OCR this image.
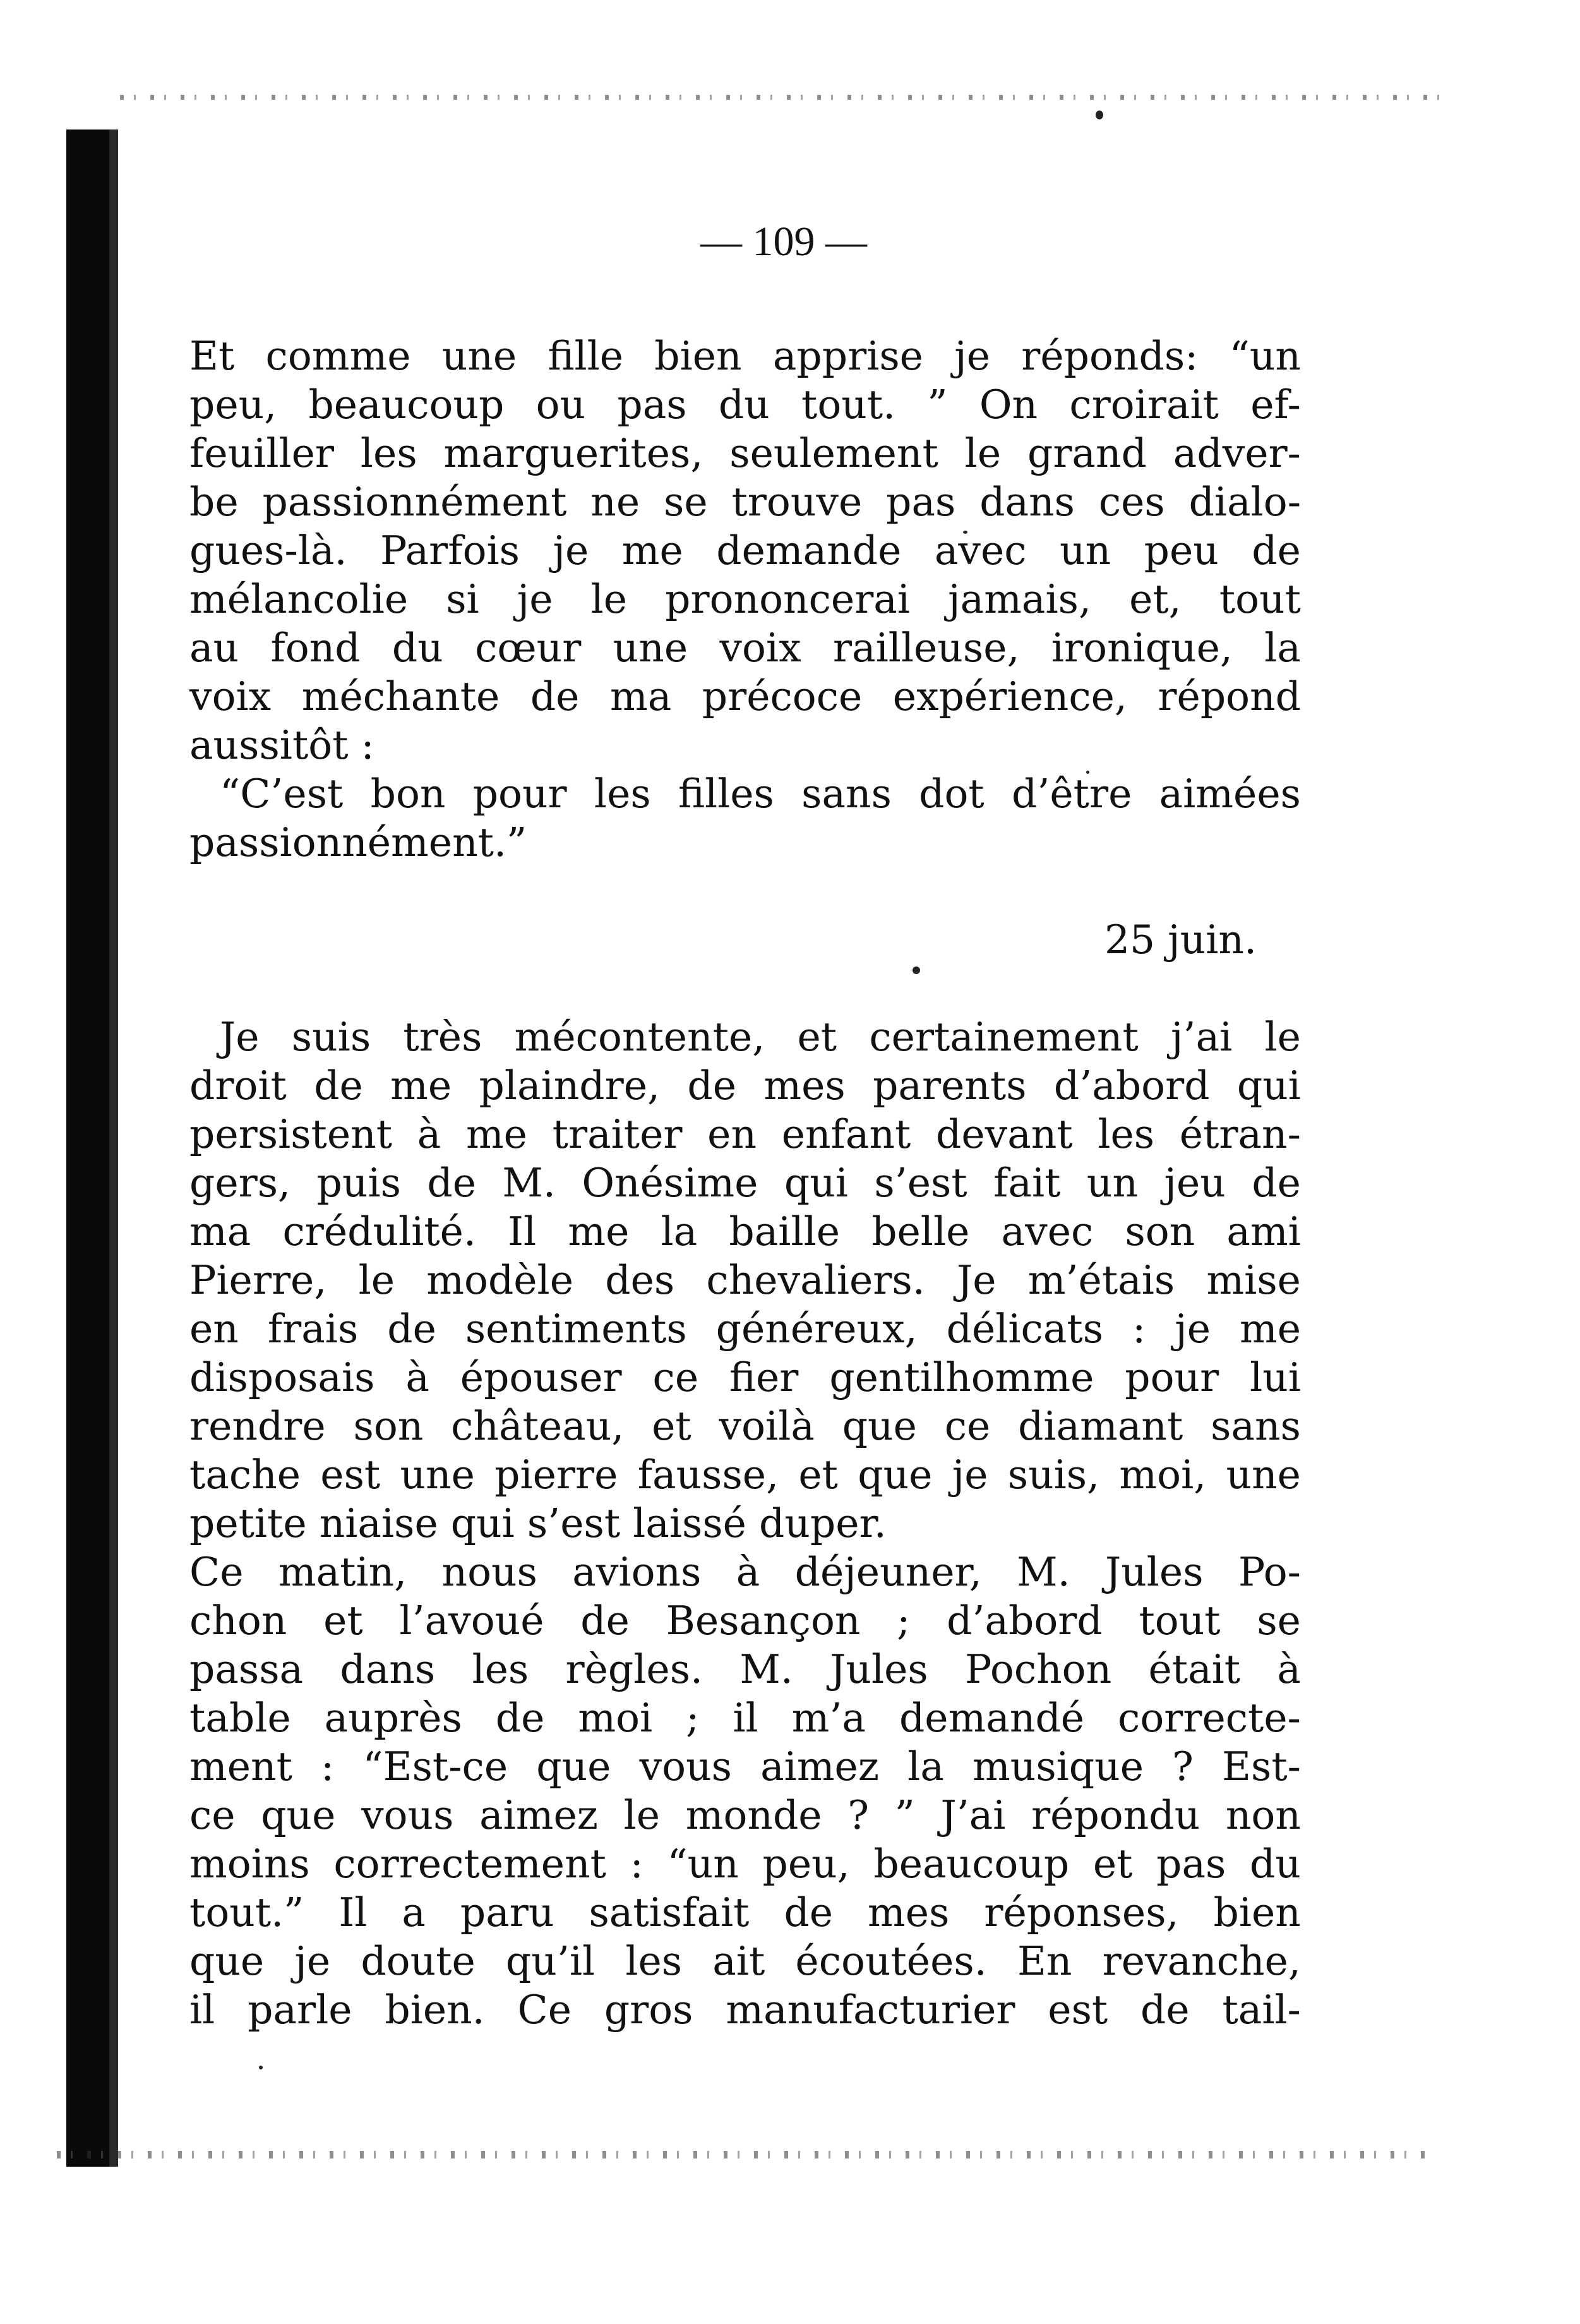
— 109 —
Et comme une fille bien apprise je réponds: “un
peu, beaucoup ou pas du tout. ” On croirait ef-
feuiller les marguerites, seulement le grand adver-
be passionnément ne se trouve pas dans ces dialo-
gues-là. Parfois je me demande avec un peu de
mélancolie si je le prononcerai jamais, et, tout
au fond du cœur une voix railleuse, ironique, la
voix méchante de ma précoce expérience, répond
aussitôt :
“C’est bon pour les filles sans dot d’être aimées
passionnément.”
25 juin.
Je suis très mécontente, et certainement j’ai le
droit de me plaindre, de mes parents d’abord qui
persistent à me traiter en enfant devant les étran-
gers, puis de M. Onésime qui s’est fait un jeu de
ma crédulité. Il me la baille belle avec son ami
Pierre, le modèle des chevaliers. Je m’étais mise
en frais de sentiments généreux, délicats : je me
disposais à épouser ce fier gentilhomme pour lui
rendre son château, et voilà que ce diamant sans
tache est une pierre fausse, et que je suis, moi, une
petite niaise qui s’est laissé duper.
Ce matin, nous avions à déjeuner, M. Jules Po-
chon et l’avoué de Besançon ; d’abord tout se
passa dans les règles. M. Jules Pochon était à
table auprès de moi ; il m’a demandé correcte-
ment : “Est-ce que vous aimez la musique ? Est-
ce que vous aimez le monde ? ” J’ai répondu non
moins correctement : “un peu, beaucoup et pas du
tout.” Il a paru satisfait de mes réponses, bien
que je doute qu’il les ait écoutées. En revanche,
il parle bien. Ce gros manufacturier est de tail-
